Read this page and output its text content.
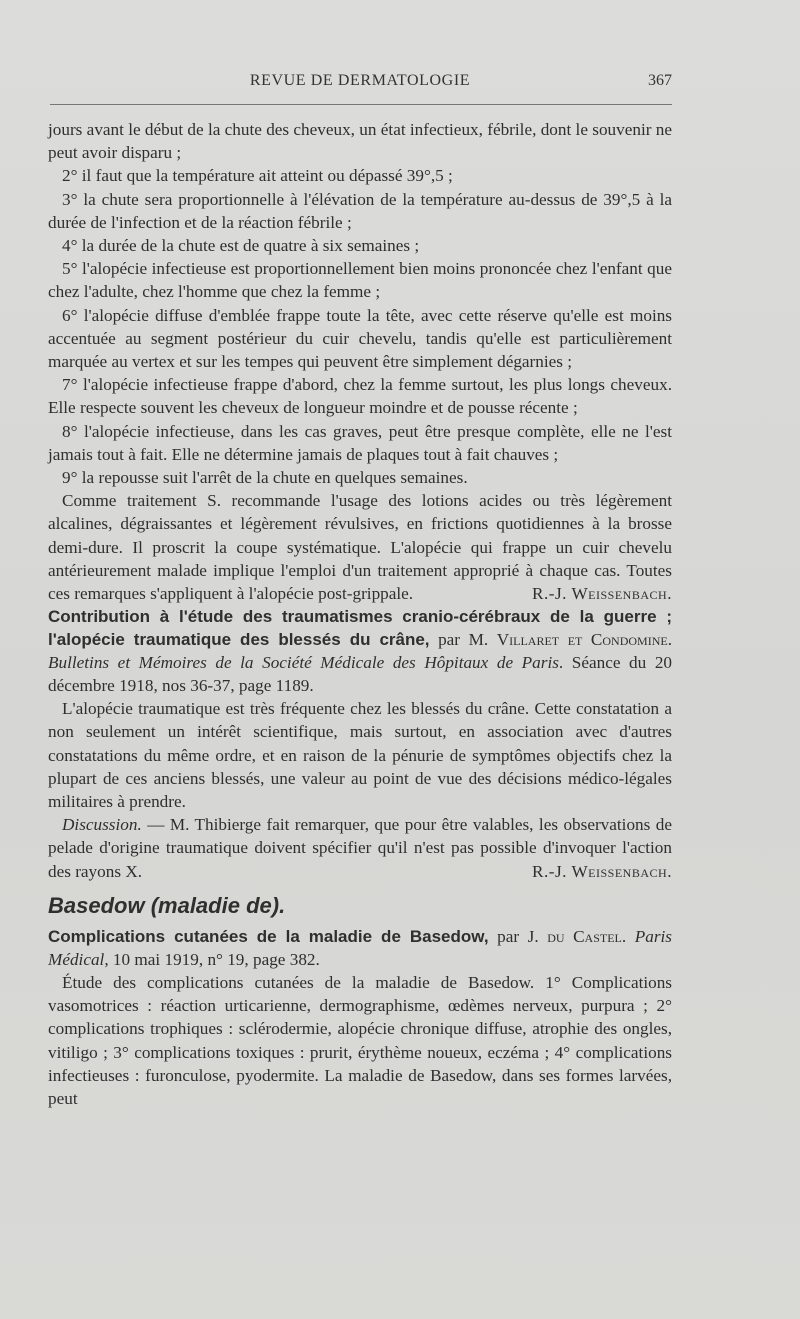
REVUE DE DERMATOLOGIE	367

jours avant le début de la chute des cheveux, un état infectieux, fébrile, dont le souvenir ne peut avoir disparu ;

2° il faut que la température ait atteint ou dépassé 39°,5 ;

3° la chute sera proportionnelle à l'élévation de la température au-dessus de 39°,5 à la durée de l'infection et de la réaction fébrile ;

4° la durée de la chute est de quatre à six semaines ;

5° l'alopécie infectieuse est proportionnellement bien moins prononcée chez l'enfant que chez l'adulte, chez l'homme que chez la femme ;

6° l'alopécie diffuse d'emblée frappe toute la tête, avec cette réserve qu'elle est moins accentuée au segment postérieur du cuir chevelu, tandis qu'elle est particulièrement marquée au vertex et sur les tempes qui peuvent être simplement dégarnies ;

7° l'alopécie infectieuse frappe d'abord, chez la femme surtout, les plus longs cheveux. Elle respecte souvent les cheveux de longueur moindre et de pousse récente ;

8° l'alopécie infectieuse, dans les cas graves, peut être presque complète, elle ne l'est jamais tout à fait. Elle ne détermine jamais de plaques tout à fait chauves ;

9° la repousse suit l'arrêt de la chute en quelques semaines.

Comme traitement S. recommande l'usage des lotions acides ou très légèrement alcalines, dégraissantes et légèrement révulsives, en frictions quotidiennes à la brosse demi-dure. Il proscrit la coupe systématique. L'alopécie qui frappe un cuir chevelu antérieurement malade implique l'emploi d'un traitement approprié à chaque cas. Toutes ces remarques s'appliquent à l'alopécie post-grippale.	R.-J. Weissenbach.

Contribution à l'étude des traumatismes cranio-cérébraux de la guerre ; l'alopécie traumatique des blessés du crâne, par M. Villaret et Condomine. Bulletins et Mémoires de la Société Médicale des Hôpitaux de Paris. Séance du 20 décembre 1918, nos 36-37, page 1189.

L'alopécie traumatique est très fréquente chez les blessés du crâne. Cette constatation a non seulement un intérêt scientifique, mais surtout, en association avec d'autres constatations du même ordre, et en raison de la pénurie de symptômes objectifs chez la plupart de ces anciens blessés, une valeur au point de vue des décisions médico-légales militaires à prendre.

Discussion. — M. Thibierge fait remarquer, que pour être valables, les observations de pelade d'origine traumatique doivent spécifier qu'il n'est pas possible d'invoquer l'action des rayons X.	R.-J. Weissenbach.

Basedow (maladie de).

Complications cutanées de la maladie de Basedow, par J. du Castel. Paris Médical, 10 mai 1919, n° 19, page 382.

Étude des complications cutanées de la maladie de Basedow. 1° Complications vasomotrices : réaction urticarienne, dermographisme, œdèmes nerveux, purpura ; 2° complications trophiques : sclérodermie, alopécie chronique diffuse, atrophie des ongles, vitiligo ; 3° complications toxiques : prurit, érythème noueux, eczéma ; 4° complications infectieuses : furonculose, pyodermite. La maladie de Basedow, dans ses formes larvées, peut
